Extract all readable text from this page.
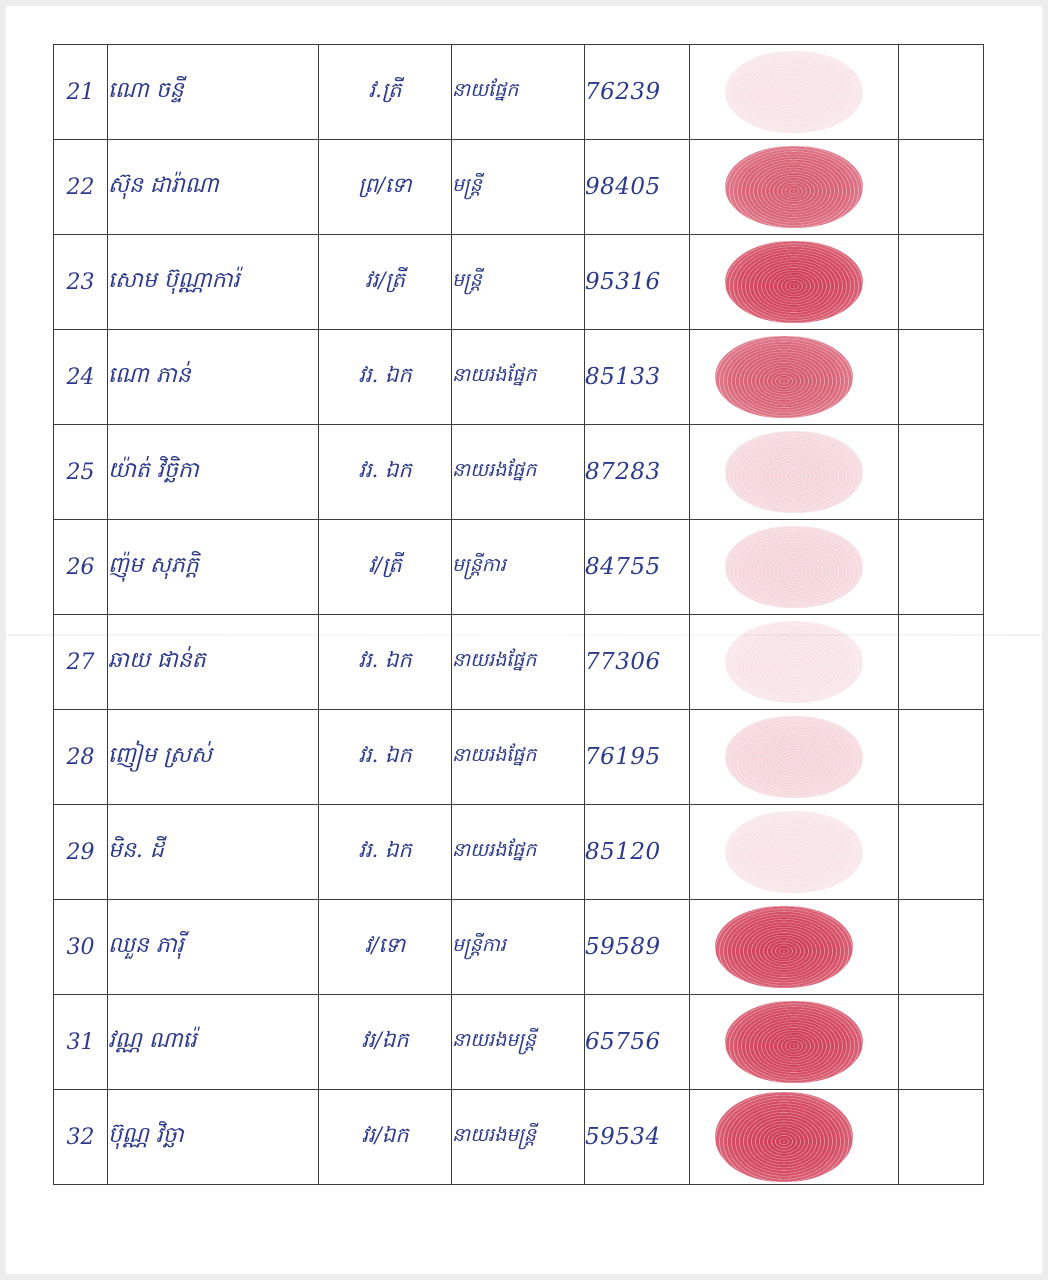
21	ណោ ចន្ទី	វ.ត្រី	នាយផ្នែក	76239	

22	ស៊ុន ដារ៉ាណា	ព្រ/ទោ	មន្ត្រី	98405	

23	សោម ប៊ុណ្ណាការ៉	វរ/ត្រី	មន្ត្រី	95316	

24	ណោ ភាន់	វរ. ឯក	នាយរងផ្នែក	85133	

25	យ៉ាត់ វិច្ឆិកា	វរ. ឯក	នាយរងផ្នែក	87283	

26	ញ៉ុម សុភក្តិ	វ/ត្រី	មន្ត្រីការ	84755	

27	ឆាយ ផាន់ត	វរ. ឯក	នាយរងផ្នែក	77306	

28	ញៀម ស្រស់	វរ. ឯក	នាយរងផ្នែក	76195	

29	មិន. ដី	វរ. ឯក	នាយរងផ្នែក	85120	

30	ឈួន ភារ៉ី	វ/ទោ	មន្ត្រីការ	59589	

31	វណ្ណ ណារ៉េ	វរ/ឯក	នាយរងមន្ត្រី	65756	

32	ប៊ុណ្ណ វិច្ឆា	វរ/ឯក	នាយរងមន្ត្រី	59534	
